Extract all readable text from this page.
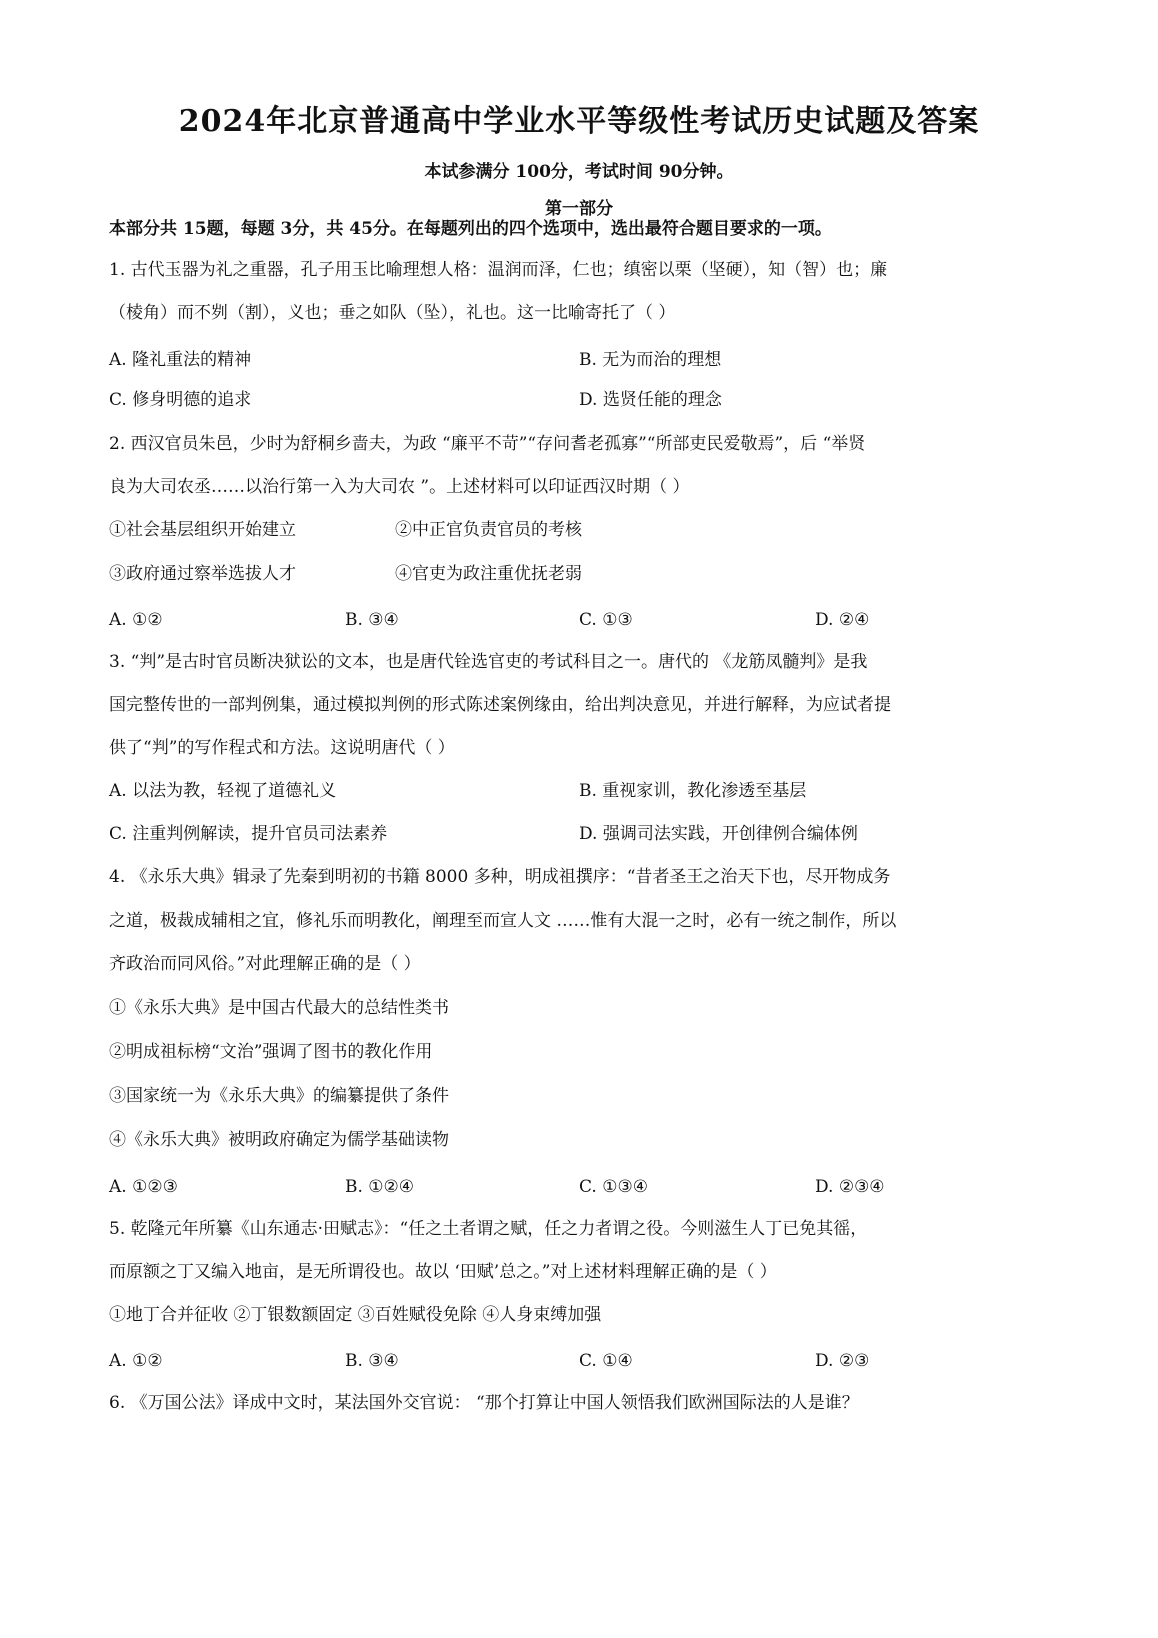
2024年北京普通高中学业水平等级性考试历史试题及答案
本试参满分 100分，考试时间 90分钟。
第一部分
本部分共 15题，每题 3分，共 45分。在每题列出的四个选项中，选出最符合题目要求的一项。
1. 古代玉器为礼之重器，孔子用玉比喻理想人格：温润而泽，仁也；缜密以栗（坚硬），知（智）也；廉
（棱角）而不刿（割），义也；垂之如队（坠），礼也。这一比喻寄托了（ ）
A. 隆礼重法的精神	B. 无为而治的理想
C. 修身明德的追求	D. 选贤任能的理念
2. 西汉官员朱邑，少时为舒桐乡啬夫，为政 “廉平不苛”“存问耆老孤寡”“所部吏民爱敬焉”，后 “举贤
良为大司农丞……以治行第一入为大司农 ”。上述材料可以印证西汉时期（ ）
①社会基层组织开始建立	②中正官负责官员的考核
③政府通过察举选拔人才	④官吏为政注重优抚老弱
A. ①②	B. ③④	C. ①③	D. ②④
3. “判”是古时官员断决狱讼的文本，也是唐代铨选官吏的考试科目之一。唐代的 《龙筋凤髓判》是我
国完整传世的一部判例集，通过模拟判例的形式陈述案例缘由，给出判决意见，并进行解释，为应试者提
供了“判”的写作程式和方法。这说明唐代（ ）
A. 以法为教，轻视了道德礼义	B. 重视家训，教化渗透至基层
C. 注重判例解读，提升官员司法素养	D. 强调司法实践，开创律例合编体例
4. 《永乐大典》辑录了先秦到明初的书籍 8000 多种，明成祖撰序：“昔者圣王之治天下也，尽开物成务
之道，极裁成辅相之宜，修礼乐而明教化，阐理至而宣人文 ……惟有大混一之时，必有一统之制作，所以
齐政治而同风俗。”对此理解正确的是（ ）
①《永乐大典》是中国古代最大的总结性类书
②明成祖标榜“文治”强调了图书的教化作用
③国家统一为《永乐大典》的编纂提供了条件
④《永乐大典》被明政府确定为儒学基础读物
A. ①②③	B. ①②④	C. ①③④	D. ②③④
5. 乾隆元年所纂《山东通志·田赋志》：“任之土者谓之赋，任之力者谓之役。今则滋生人丁已免其徭，
而原额之丁又编入地亩，是无所谓役也。故以 ‘田赋’总之。”对上述材料理解正确的是（ ）
①地丁合并征收 ②丁银数额固定 ③百姓赋役免除 ④人身束缚加强
A. ①②	B. ③④	C. ①④	D. ②③
6. 《万国公法》译成中文时，某法国外交官说： “那个打算让中国人领悟我们欧洲国际法的人是谁？
